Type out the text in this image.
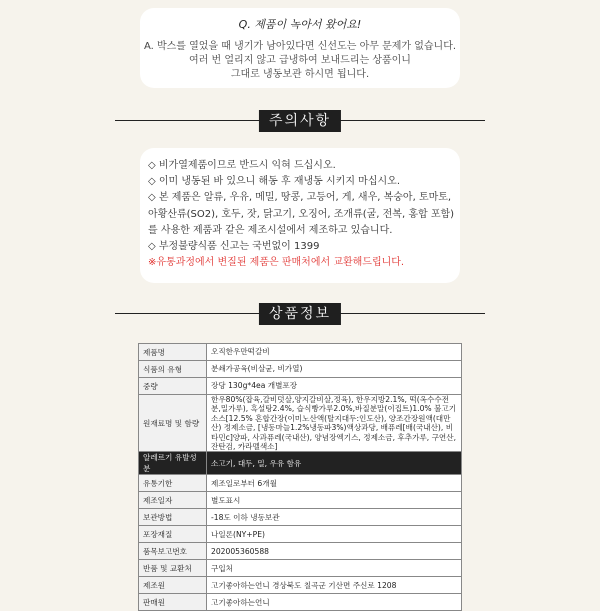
Q. 제품이 녹아서 왔어요!
A. 박스를 열었을 때 냉기가 남아있다면 신선도는 아무 문제가 없습니다.
여러 번 얼리지 않고 급냉하여 보내드리는 상품이니
그대로 냉동보관 하시면 됩니다.
주의사항
◇ 비가열제품이므로 반드시 익혀 드십시오.
◇ 이미 냉동된 바 있으니 해동 후 재냉동 시키지 마십시오.
◇ 본 제품은 알류, 우유, 메밀, 땅콩, 고등어, 게, 새우, 복숭아, 토마토,
아황산류(SO2), 호두, 잣, 닭고기, 오징어, 조개류(굴, 전복, 홍합 포함)
를 사용한 제품과 같은 제조시설에서 제조하고 있습니다.
◇ 부정불량식품 신고는 국번없이 1399
※유통과정에서 변질된 제품은 판매처에서 교환해드립니다.
상품정보
제품명	오직한우만떡갈비
식품의 유형	분쇄가공육(비살균, 비가열)
중량	장당 130g*4ea 개별포장
원재료명 및 함량	한우80%(잡육,갈비덧살,양지갈비살,정육), 한우지방2.1%, 떡(옥수수전분,밀가루), 흑설탕2.4%, 습식빵가루2.0%,바질분말(이집트)1.0% 불고기소스[12.5% 혼합간장(이미노산액(탈지대두:인도산), 양조간장원액(대만산) 정제소금, [냉동마늘1.2%냉동파3%)액상과당, 배퓨레[배(국내산), 비타민c]양파, 사과퓨레(국내산), 양념장엑기스, 정제소금, 후추가루, 구연산, 잔탄검, 카라멜색소]
알레르기 유발성분	소고기, 대두, 밀, 우유 함유
유통기한	제조일로부터 6개월
제조일자	별도표시
보관방법	-18도 이하 냉동보관
포장재질	나일론(NY+PE)
품목보고번호	202005360588
반품 및 교환처	구입처
제조원	고기좋아하는언니 경상북도 칠곡군 기산면 주신로 1208
판매원	고기좋아하는언니
